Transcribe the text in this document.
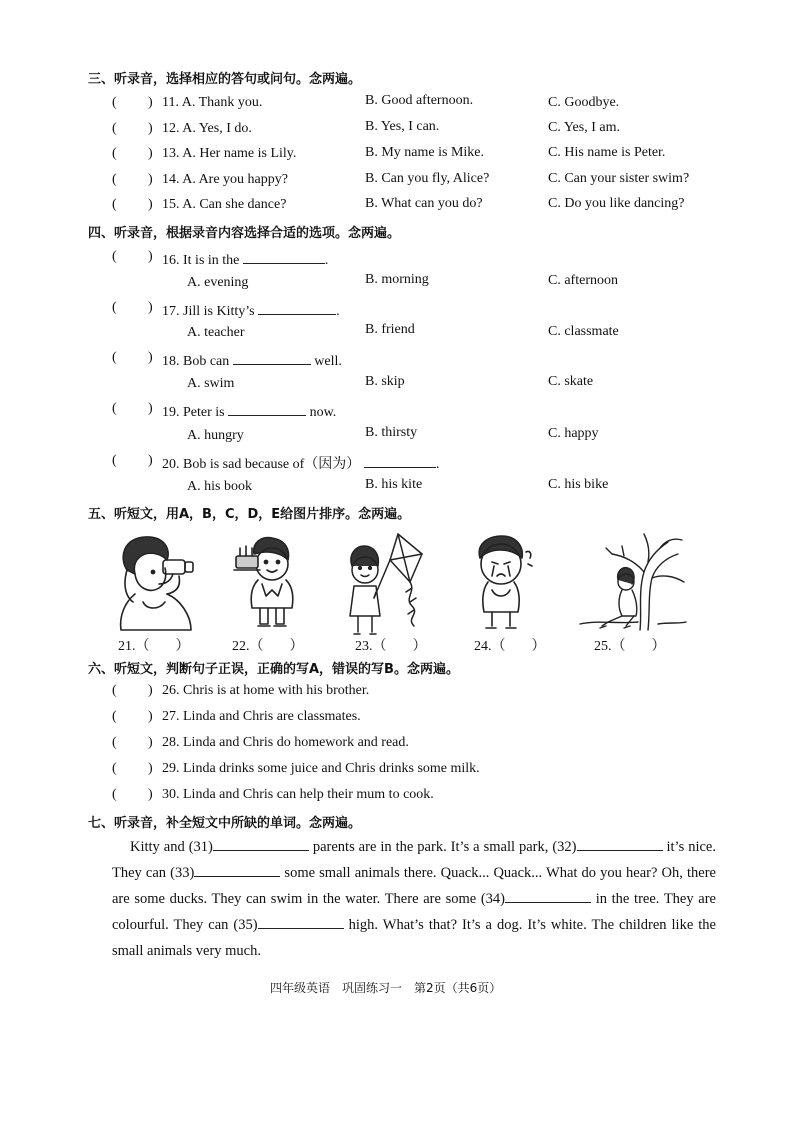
三、听录音，选择相应的答句或问句。念两遍。
( ) 11. A. Thank you.	B. Good afternoon.	C. Goodbye.
( ) 12. A. Yes, I do.	B. Yes, I can.	C. Yes, I am.
( ) 13. A. Her name is Lily.	B. My name is Mike.	C. His name is Peter.
( ) 14. A. Are you happy?	B. Can you fly, Alice?	C. Can your sister swim?
( ) 15. A. Can she dance?	B. What can you do?	C. Do you like dancing?
四、听录音，根据录音内容选择合适的选项。念两遍。
( ) 16. It is in the	.
A. evening	B. morning	C. afternoon
( ) 17. Jill is Kitty’s	.
A. teacher	B. friend	C. classmate
( ) 18. Bob can	well.
A. swim	B. skip	C. skate
( ) 19. Peter is	now.
A. hungry	B. thirsty	C. happy
( ) 20. Bob is sad because of（因为）	.
A. his book	B. his kite	C. his bike
五、听短文，用A，B，C，D，E给图片排序。念两遍。
21.（ ）	22.（ ）	23.（ ）	24.（ ）	25.（ ）
六、听短文，判断句子正误，正确的写A，错误的写B。念两遍。
( ) 26. Chris is at home with his brother.
( ) 27. Linda and Chris are classmates.
( ) 28. Linda and Chris do homework and read.
( ) 29. Linda drinks some juice and Chris drinks some milk.
( ) 30. Linda and Chris can help their mum to cook.
七、听录音，补全短文中所缺的单词。念两遍。
Kitty and (31)	parents are in the park. It’s a small park, (32)	it’s nice. They can (33)	some small animals there. Quack... Quack... What do you hear? Oh, there are some ducks. They can swim in the water. There are some (34)	in the tree. They are colourful. They can (35)	high. What’s that? It’s a dog. It’s white. The children like the small animals very much.
四年级英语　巩固练习一　第2页（共6页）
